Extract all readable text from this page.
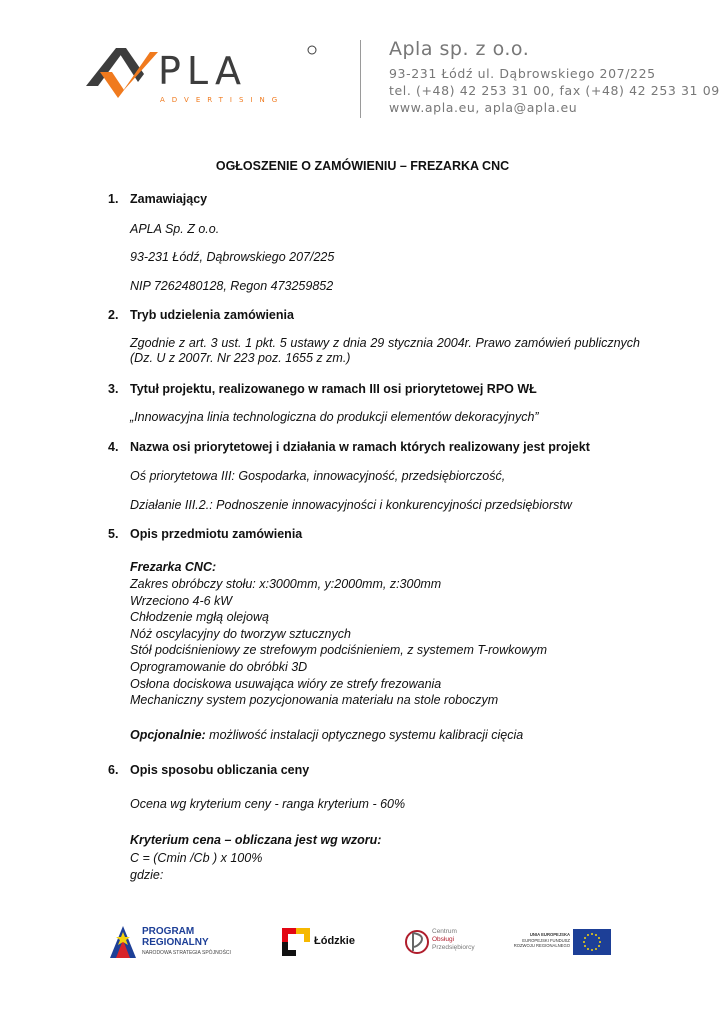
PLA
ADVERTISING
Apla sp. z o.o.
93-231 Łódź ul. Dąbrowskiego 207/225
tel. (+48) 42 253 31 00, fax (+48) 42 253 31 09
www.apla.eu, apla@apla.eu
OGŁOSZENIE O ZAMÓWIENIU – FREZARKA CNC
1. Zamawiający
APLA Sp. Z o.o.
93-231 Łódź, Dąbrowskiego 207/225
NIP 7262480128, Regon 473259852
2. Tryb udzielenia zamówienia
Zgodnie z art. 3 ust. 1 pkt. 5 ustawy z dnia 29 stycznia 2004r. Prawo zamówień publicznych
(Dz. U z 2007r. Nr 223 poz. 1655 z zm.)
3. Tytuł projektu, realizowanego w ramach III osi priorytetowej RPO WŁ
„Innowacyjna linia technologiczna do produkcji elementów dekoracyjnych”
4. Nazwa osi priorytetowej i działania w ramach których realizowany jest projekt
Oś priorytetowa III: Gospodarka, innowacyjność, przedsiębiorczość,
Działanie III.2.: Podnoszenie innowacyjności i konkurencyjności przedsiębiorstw
5. Opis przedmiotu zamówienia
Frezarka CNC:
Zakres obróbczy stołu: x:3000mm, y:2000mm, z:300mm
Wrzeciono 4-6 kW
Chłodzenie mgłą olejową
Nóż oscylacyjny do tworzyw sztucznych
Stół podciśnieniowy ze strefowym podciśnieniem, z systemem T-rowkowym
Oprogramowanie do obróbki 3D
Osłona dociskowa usuwająca wióry ze strefy frezowania
Mechaniczny system pozycjonowania materiału na stole roboczym
Opcjonalnie: możliwość instalacji optycznego systemu kalibracji cięcia
6. Opis sposobu obliczania ceny
Ocena wg kryterium ceny - ranga kryterium - 60%
Kryterium cena – obliczana jest wg wzoru:
C = (Cmin /Cb ) x 100%
gdzie:
PROGRAM
REGIONALNY
NARODOWA STRATEGIA SPÓJNOŚCI
Łódzkie
Centrum
Obsługi
Przedsiębiorcy
UNIA EUROPEJSKA
EUROPEJSKI FUNDUSZ
ROZWOJU REGIONALNEGO
